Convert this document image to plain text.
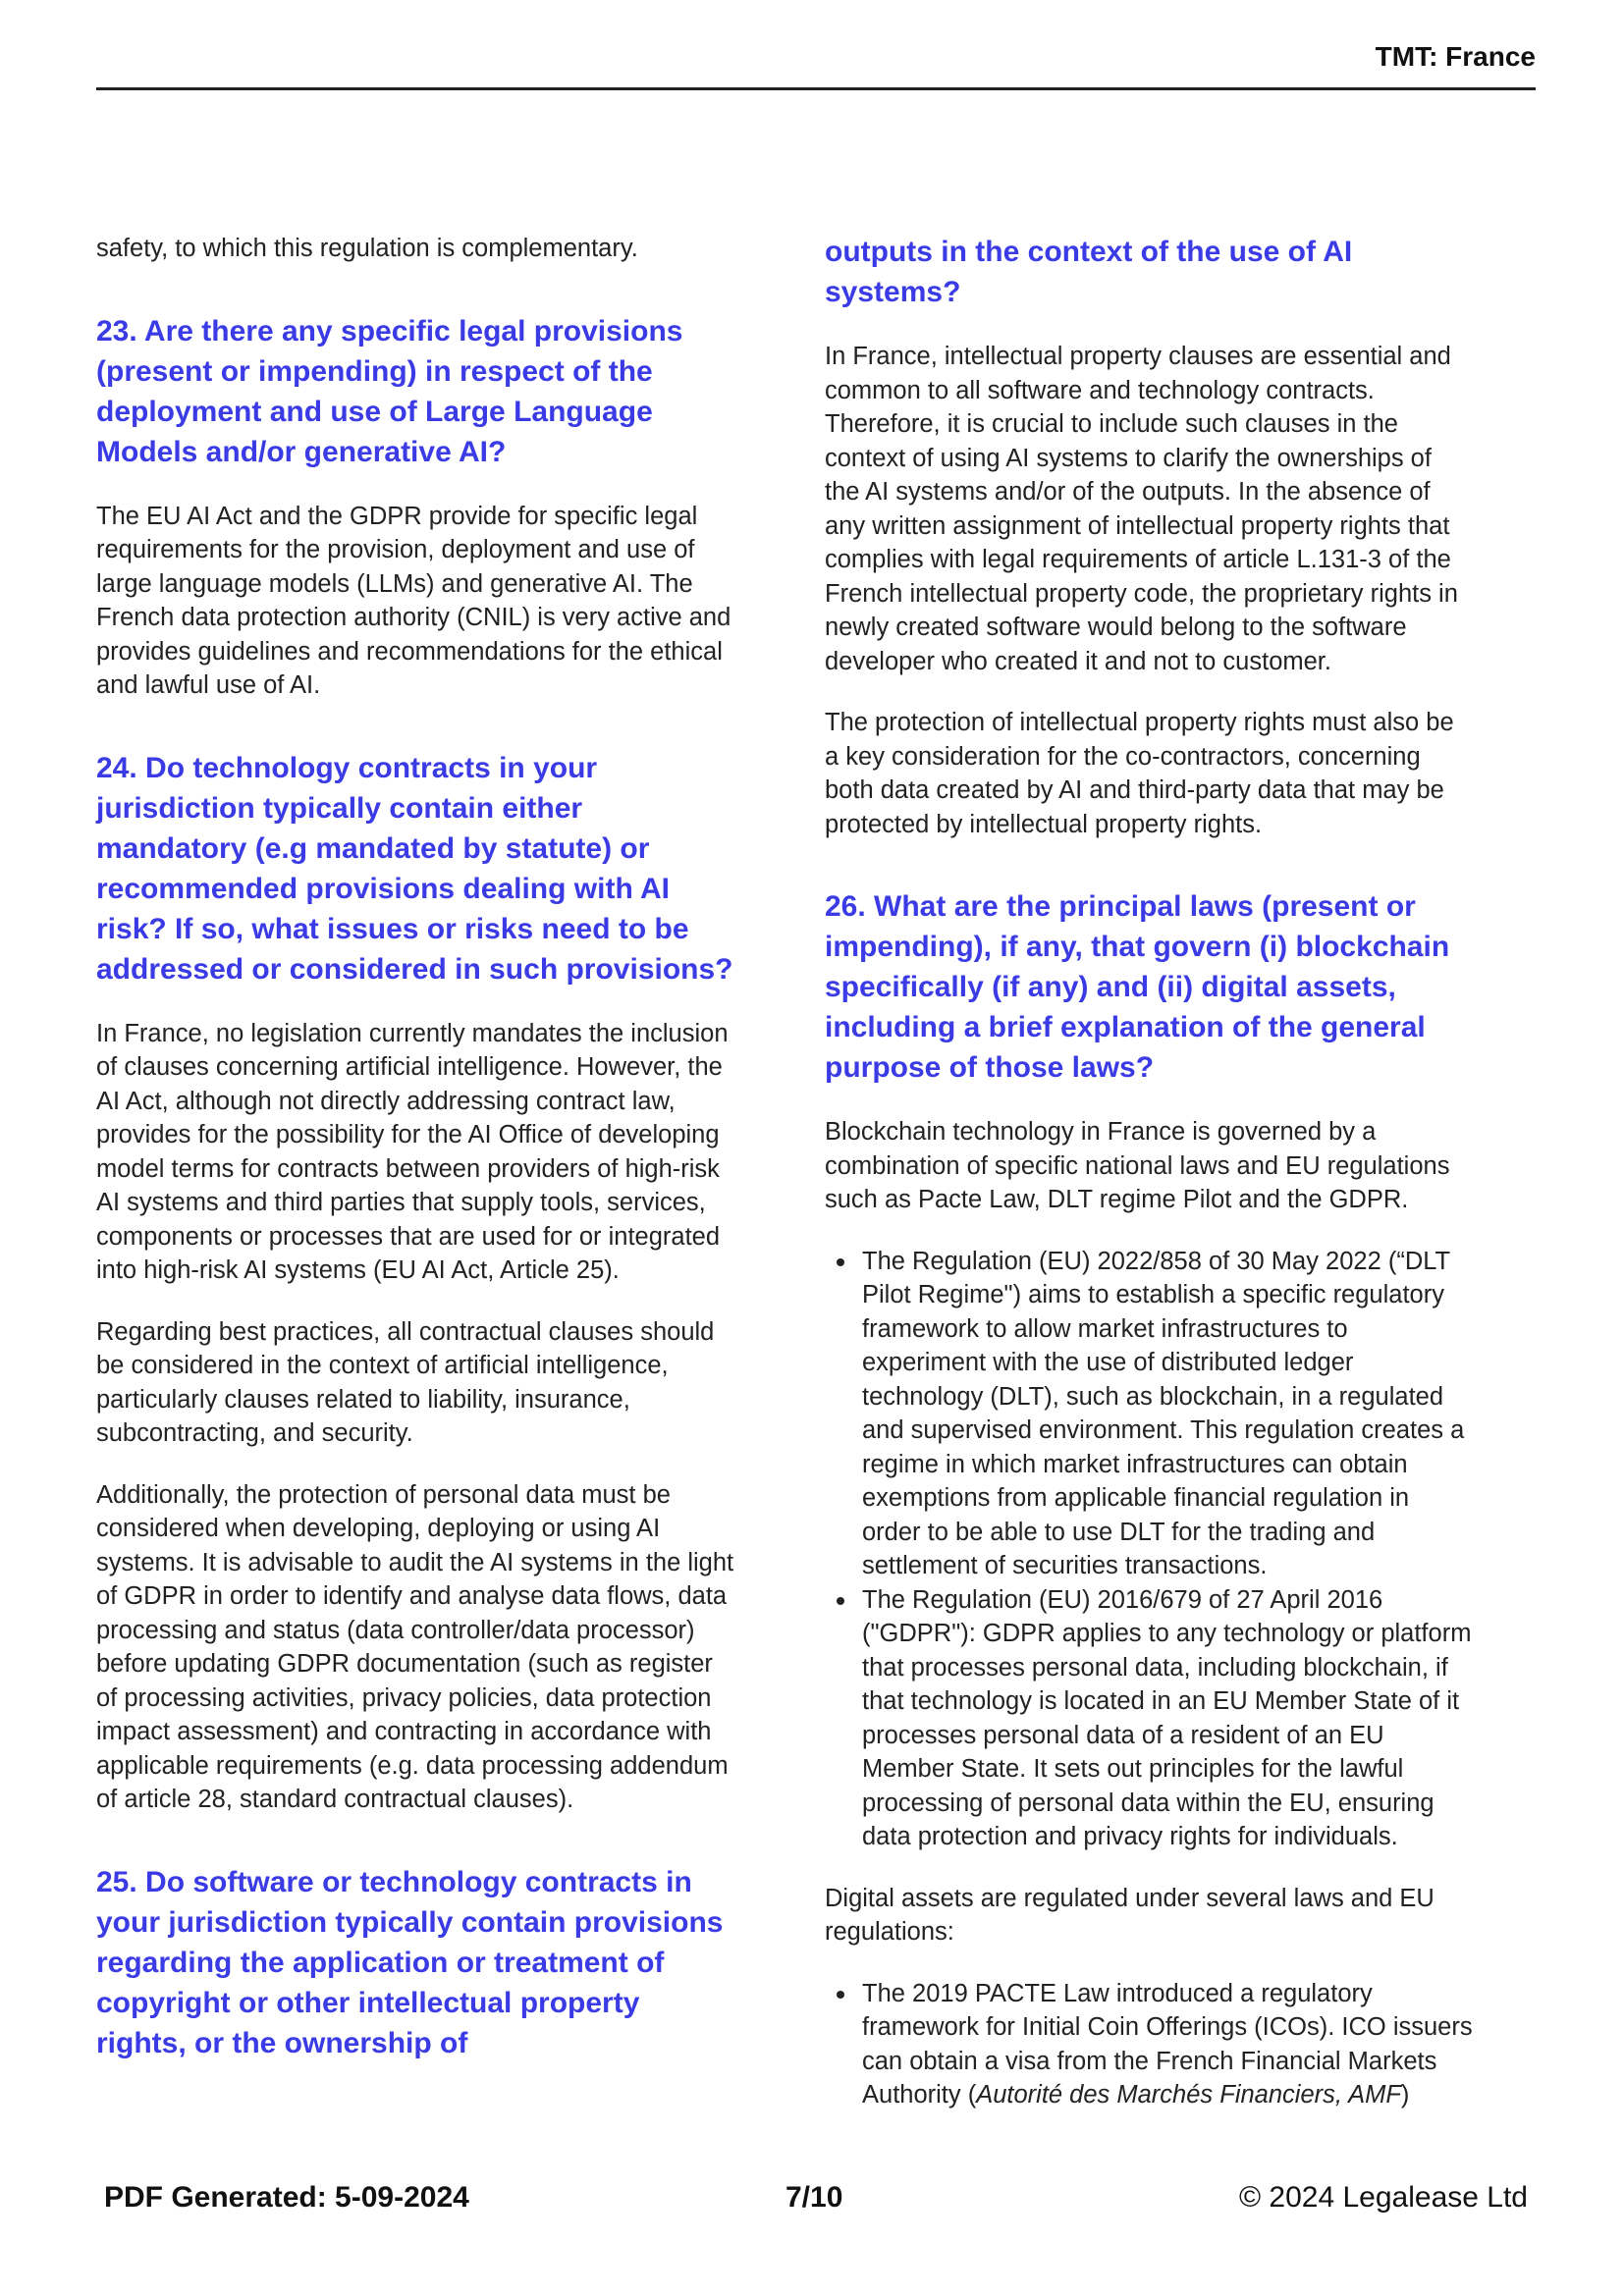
TMT: France

safety, to which this regulation is complementary.

23. Are there any specific legal provisions (present or impending) in respect of the deployment and use of Large Language Models and/or generative AI?

The EU AI Act and the GDPR provide for specific legal requirements for the provision, deployment and use of large language models (LLMs) and generative AI. The French data protection authority (CNIL) is very active and provides guidelines and recommendations for the ethical and lawful use of AI.

24. Do technology contracts in your jurisdiction typically contain either mandatory (e.g mandated by statute) or recommended provisions dealing with AI risk? If so, what issues or risks need to be addressed or considered in such provisions?

In France, no legislation currently mandates the inclusion of clauses concerning artificial intelligence. However, the AI Act, although not directly addressing contract law, provides for the possibility for the AI Office of developing model terms for contracts between providers of high-risk AI systems and third parties that supply tools, services, components or processes that are used for or integrated into high-risk AI systems (EU AI Act, Article 25).

Regarding best practices, all contractual clauses should be considered in the context of artificial intelligence, particularly clauses related to liability, insurance, subcontracting, and security.

Additionally, the protection of personal data must be considered when developing, deploying or using AI systems. It is advisable to audit the AI systems in the light of GDPR in order to identify and analyse data flows, data processing and status (data controller/data processor) before updating GDPR documentation (such as register of processing activities, privacy policies, data protection impact assessment) and contracting in accordance with applicable requirements (e.g. data processing addendum of article 28, standard contractual clauses).

25. Do software or technology contracts in your jurisdiction typically contain provisions regarding the application or treatment of copyright or other intellectual property rights, or the ownership of
outputs in the context of the use of AI systems?

In France, intellectual property clauses are essential and common to all software and technology contracts. Therefore, it is crucial to include such clauses in the context of using AI systems to clarify the ownerships of the AI systems and/or of the outputs. In the absence of any written assignment of intellectual property rights that complies with legal requirements of article L.131-3 of the French intellectual property code, the proprietary rights in newly created software would belong to the software developer who created it and not to customer.

The protection of intellectual property rights must also be a key consideration for the co-contractors, concerning both data created by AI and third-party data that may be protected by intellectual property rights.

26. What are the principal laws (present or impending), if any, that govern (i) blockchain specifically (if any) and (ii) digital assets, including a brief explanation of the general purpose of those laws?

Blockchain technology in France is governed by a combination of specific national laws and EU regulations such as Pacte Law, DLT regime Pilot and the GDPR.

The Regulation (EU) 2022/858 of 30 May 2022 (“DLT Pilot Regime") aims to establish a specific regulatory framework to allow market infrastructures to experiment with the use of distributed ledger technology (DLT), such as blockchain, in a regulated and supervised environment. This regulation creates a regime in which market infrastructures can obtain exemptions from applicable financial regulation in order to be able to use DLT for the trading and settlement of securities transactions.
The Regulation (EU) 2016/679 of 27 April 2016 ("GDPR"): GDPR applies to any technology or platform that processes personal data, including blockchain, if that technology is located in an EU Member State of it processes personal data of a resident of an EU Member State. It sets out principles for the lawful processing of personal data within the EU, ensuring data protection and privacy rights for individuals.

Digital assets are regulated under several laws and EU regulations:

The 2019 PACTE Law introduced a regulatory framework for Initial Coin Offerings (ICOs). ICO issuers can obtain a visa from the French Financial Markets Authority (Autorité des Marchés Financiers, AMF)
PDF Generated: 5-09-2024	7/10	© 2024 Legalease Ltd
